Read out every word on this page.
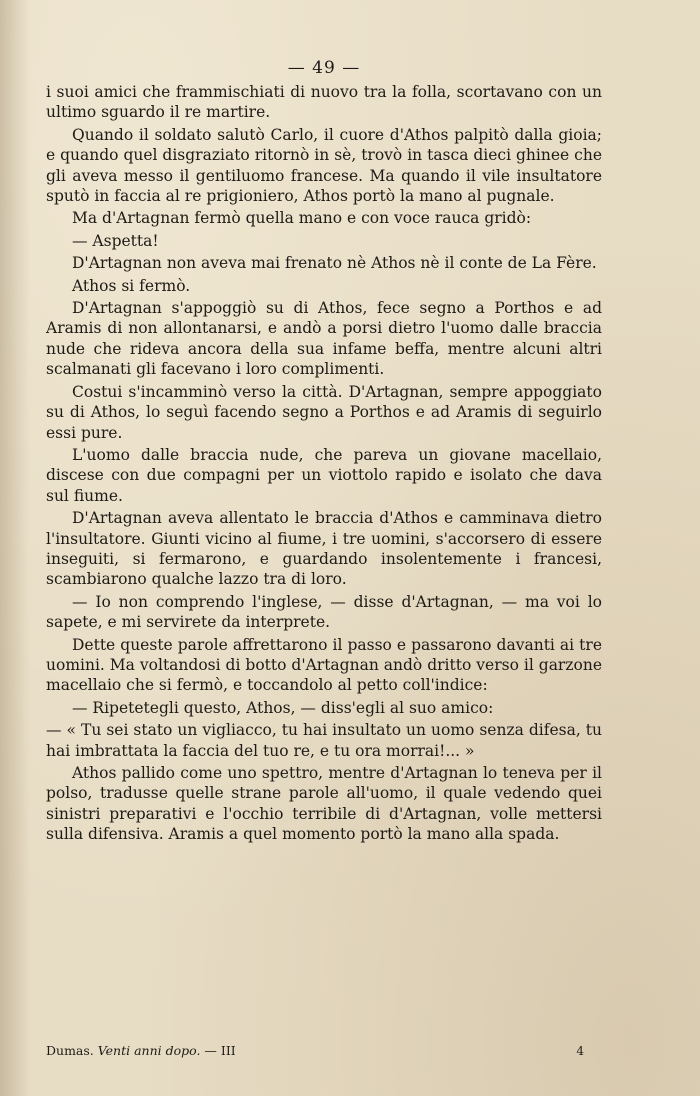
— 49 —

i suoi amici che frammischiati di nuovo tra la folla, scortavano con un ultimo sguardo il re martire.

Quando il soldato salutò Carlo, il cuore d'Athos palpitò dalla gioia; e quando quel disgraziato ritornò in sè, trovò in tasca dieci ghinee che gli aveva messo il gentiluomo francese. Ma quando il vile insultatore sputò in faccia al re prigioniero, Athos portò la mano al pugnale.

Ma d'Artagnan fermò quella mano e con voce rauca gridò:

— Aspetta!

D'Artagnan non aveva mai frenato nè Athos nè il conte de La Fère.

Athos si fermò.

D'Artagnan s'appoggiò su di Athos, fece segno a Porthos e ad Aramis di non allontanarsi, e andò a porsi dietro l'uomo dalle braccia nude che rideva ancora della sua infame beffa, mentre alcuni altri scalmanati gli facevano i loro complimenti.

Costui s'incamminò verso la città. D'Artagnan, sempre appoggiato su di Athos, lo seguì facendo segno a Porthos e ad Aramis di seguirlo essi pure.

L'uomo dalle braccia nude, che pareva un giovane macellaio, discese con due compagni per un viottolo rapido e isolato che dava sul fiume.

D'Artagnan aveva allentato le braccia d'Athos e camminava dietro l'insultatore. Giunti vicino al fiume, i tre uomini, s'accorsero di essere inseguiti, si fermarono, e guardando insolentemente i francesi, scambiarono qualche lazzo tra di loro.

— Io non comprendo l'inglese, — disse d'Artagnan, — ma voi lo sapete, e mi servirete da interprete.

Dette queste parole affrettarono il passo e passarono davanti ai tre uomini. Ma voltandosi di botto d'Artagnan andò dritto verso il garzone macellaio che si fermò, e toccandolo al petto coll'indice:

— Ripetetegli questo, Athos, — diss'egli al suo amico:

— « Tu sei stato un vigliacco, tu hai insultato un uomo senza difesa, tu hai imbrattata la faccia del tuo re, e tu ora morrai!... »

Athos pallido come uno spettro, mentre d'Artagnan lo teneva per il polso, tradusse quelle strane parole all'uomo, il quale vedendo quei sinistri preparativi e l'occhio terribile di d'Artagnan, volle mettersi sulla difensiva. Aramis a quel momento portò la mano alla spada.

Dumas. Venti anni dopo. — III	4
